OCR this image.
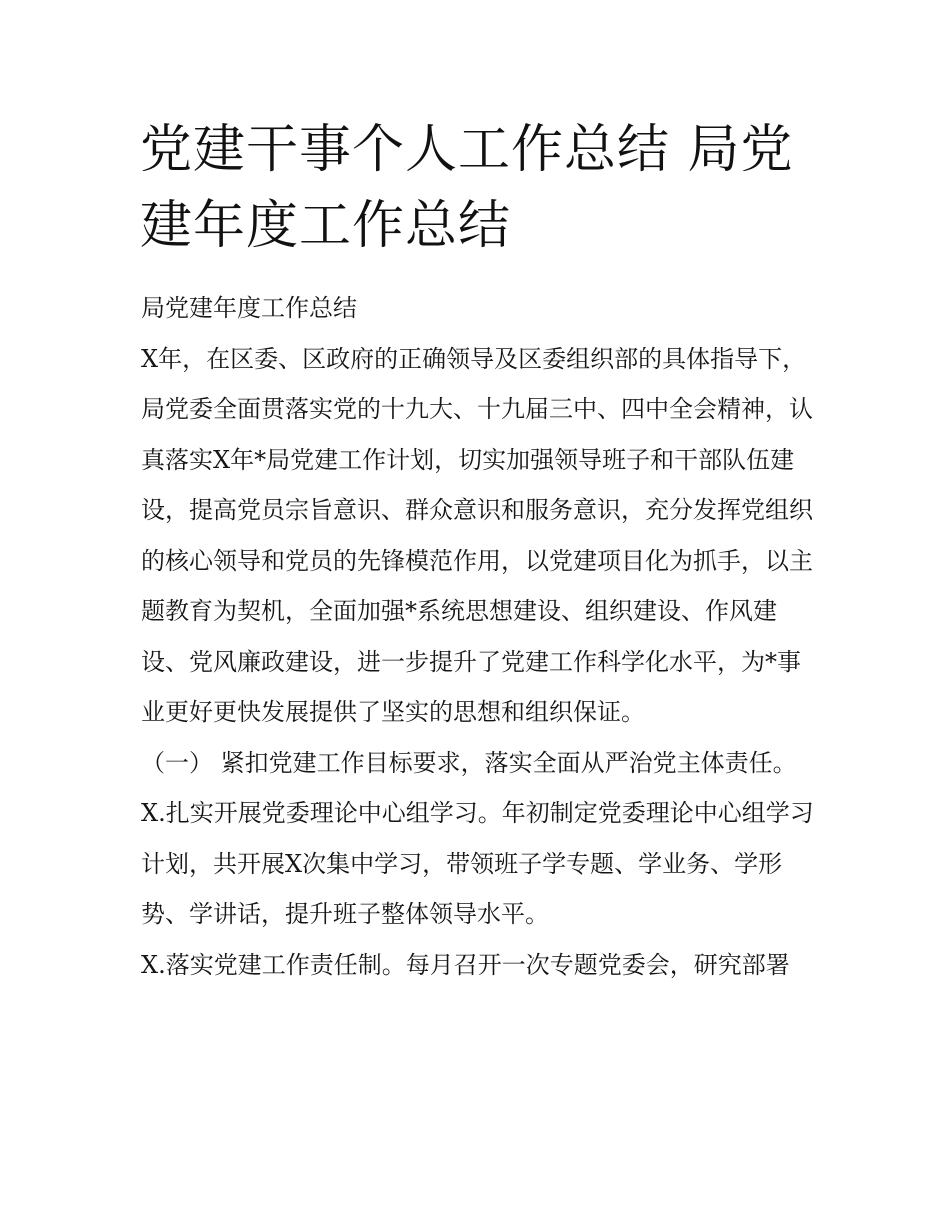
党建干事个人工作总结 局党建年度工作总结

局党建年度工作总结

X年，在区委、区政府的正确领导及区委组织部的具体指导下，局党委全面贯落实党的十九大、十九届三中、四中全会精神，认真落实X年*局党建工作计划，切实加强领导班子和干部队伍建设，提高党员宗旨意识、群众意识和服务意识，充分发挥党组织的核心领导和党员的先锋模范作用，以党建项目化为抓手，以主题教育为契机，全面加强*系统思想建设、组织建设、作风建设、党风廉政建设，进一步提升了党建工作科学化水平，为*事业更好更快发展提供了坚实的思想和组织保证。

（一） 紧扣党建工作目标要求，落实全面从严治党主体责任。

X.扎实开展党委理论中心组学习。年初制定党委理论中心组学习计划，共开展X次集中学习，带领班子学专题、学业务、学形势、学讲话，提升班子整体领导水平。

X.落实党建工作责任制。每月召开一次专题党委会，研究部署
